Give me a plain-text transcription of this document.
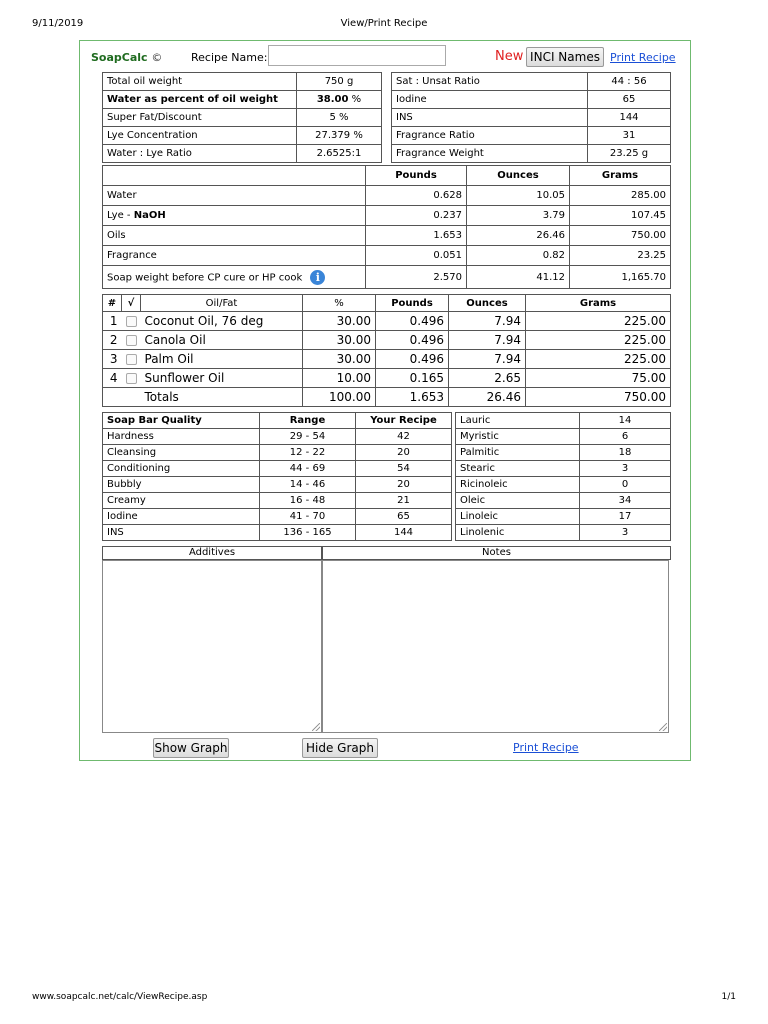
9/11/2019	View/Print Recipe
SoapCalc ©	Recipe Name:	New INCI Names Print Recipe
Total oil weight	750 g
Water as percent of oil weight	38.00 %
Super Fat/Discount	5 %
Lye Concentration	27.379 %
Water : Lye Ratio	2.6525:1
Sat : Unsat Ratio	44 : 56
Iodine	65
INS	144
Fragrance Ratio	31
Fragrance Weight	23.25 g
	Pounds	Ounces	Grams
Water	0.628	10.05	285.00
Lye - NaOH	0.237	3.79	107.45
Oils	1.653	26.46	750.00
Fragrance	0.051	0.82	23.25
Soap weight before CP cure or HP cook i	2.570	41.12	1,165.70
#	√	Oil/Fat	%	Pounds	Ounces	Grams
1		Coconut Oil, 76 deg	30.00	0.496	7.94	225.00
2		Canola Oil	30.00	0.496	7.94	225.00
3		Palm Oil	30.00	0.496	7.94	225.00
4		Sunflower Oil	10.00	0.165	2.65	75.00
		Totals	100.00	1.653	26.46	750.00
Soap Bar Quality	Range	Your Recipe
Hardness	29 - 54	42
Cleansing	12 - 22	20
Conditioning	44 - 69	54
Bubbly	14 - 46	20
Creamy	16 - 48	21
Iodine	41 - 70	65
INS	136 - 165	144
Lauric	14
Myristic	6
Palmitic	18
Stearic	3
Ricinoleic	0
Oleic	34
Linoleic	17
Linolenic	3
Additives	Notes
Show Graph	Hide Graph	Print Recipe
www.soapcalc.net/calc/ViewRecipe.asp	1/1
